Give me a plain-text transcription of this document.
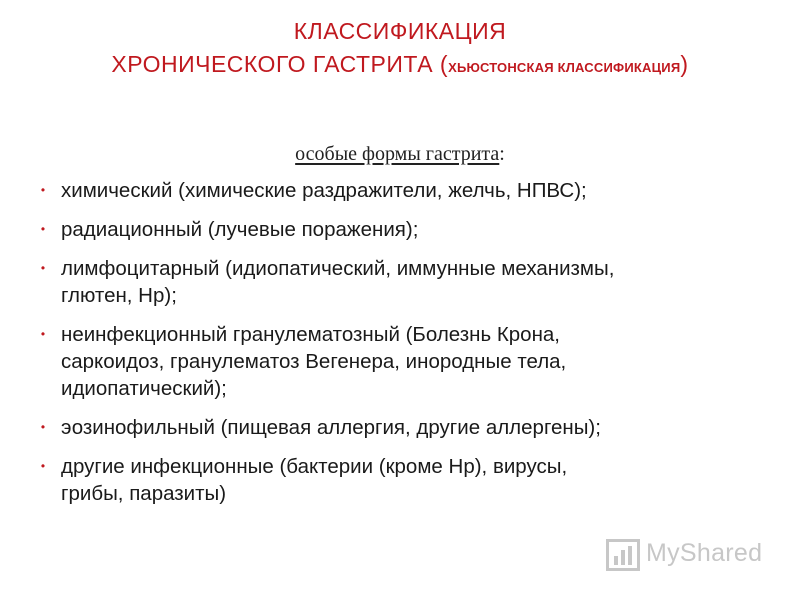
КЛАССИФИКАЦИЯ
ХРОНИЧЕСКОГО ГАСТРИТА (ХЬЮСТОНСКАЯ КЛАССИФИКАЦИЯ)
особые формы гастрита:
• химический (химические раздражители, желчь, НПВС);
• радиационный (лучевые поражения);
• лимфоцитарный (идиопатический, иммунные механизмы,
глютен, Нр);
• неинфекционный гранулематозный (Болезнь Крона,
саркоидоз, гранулематоз Вегенера, инородные тела,
идиопатический);
• эозинофильный (пищевая аллергия, другие аллергены);
• другие инфекционные (бактерии (кроме Нр), вирусы,
грибы, паразиты)
MyShared
